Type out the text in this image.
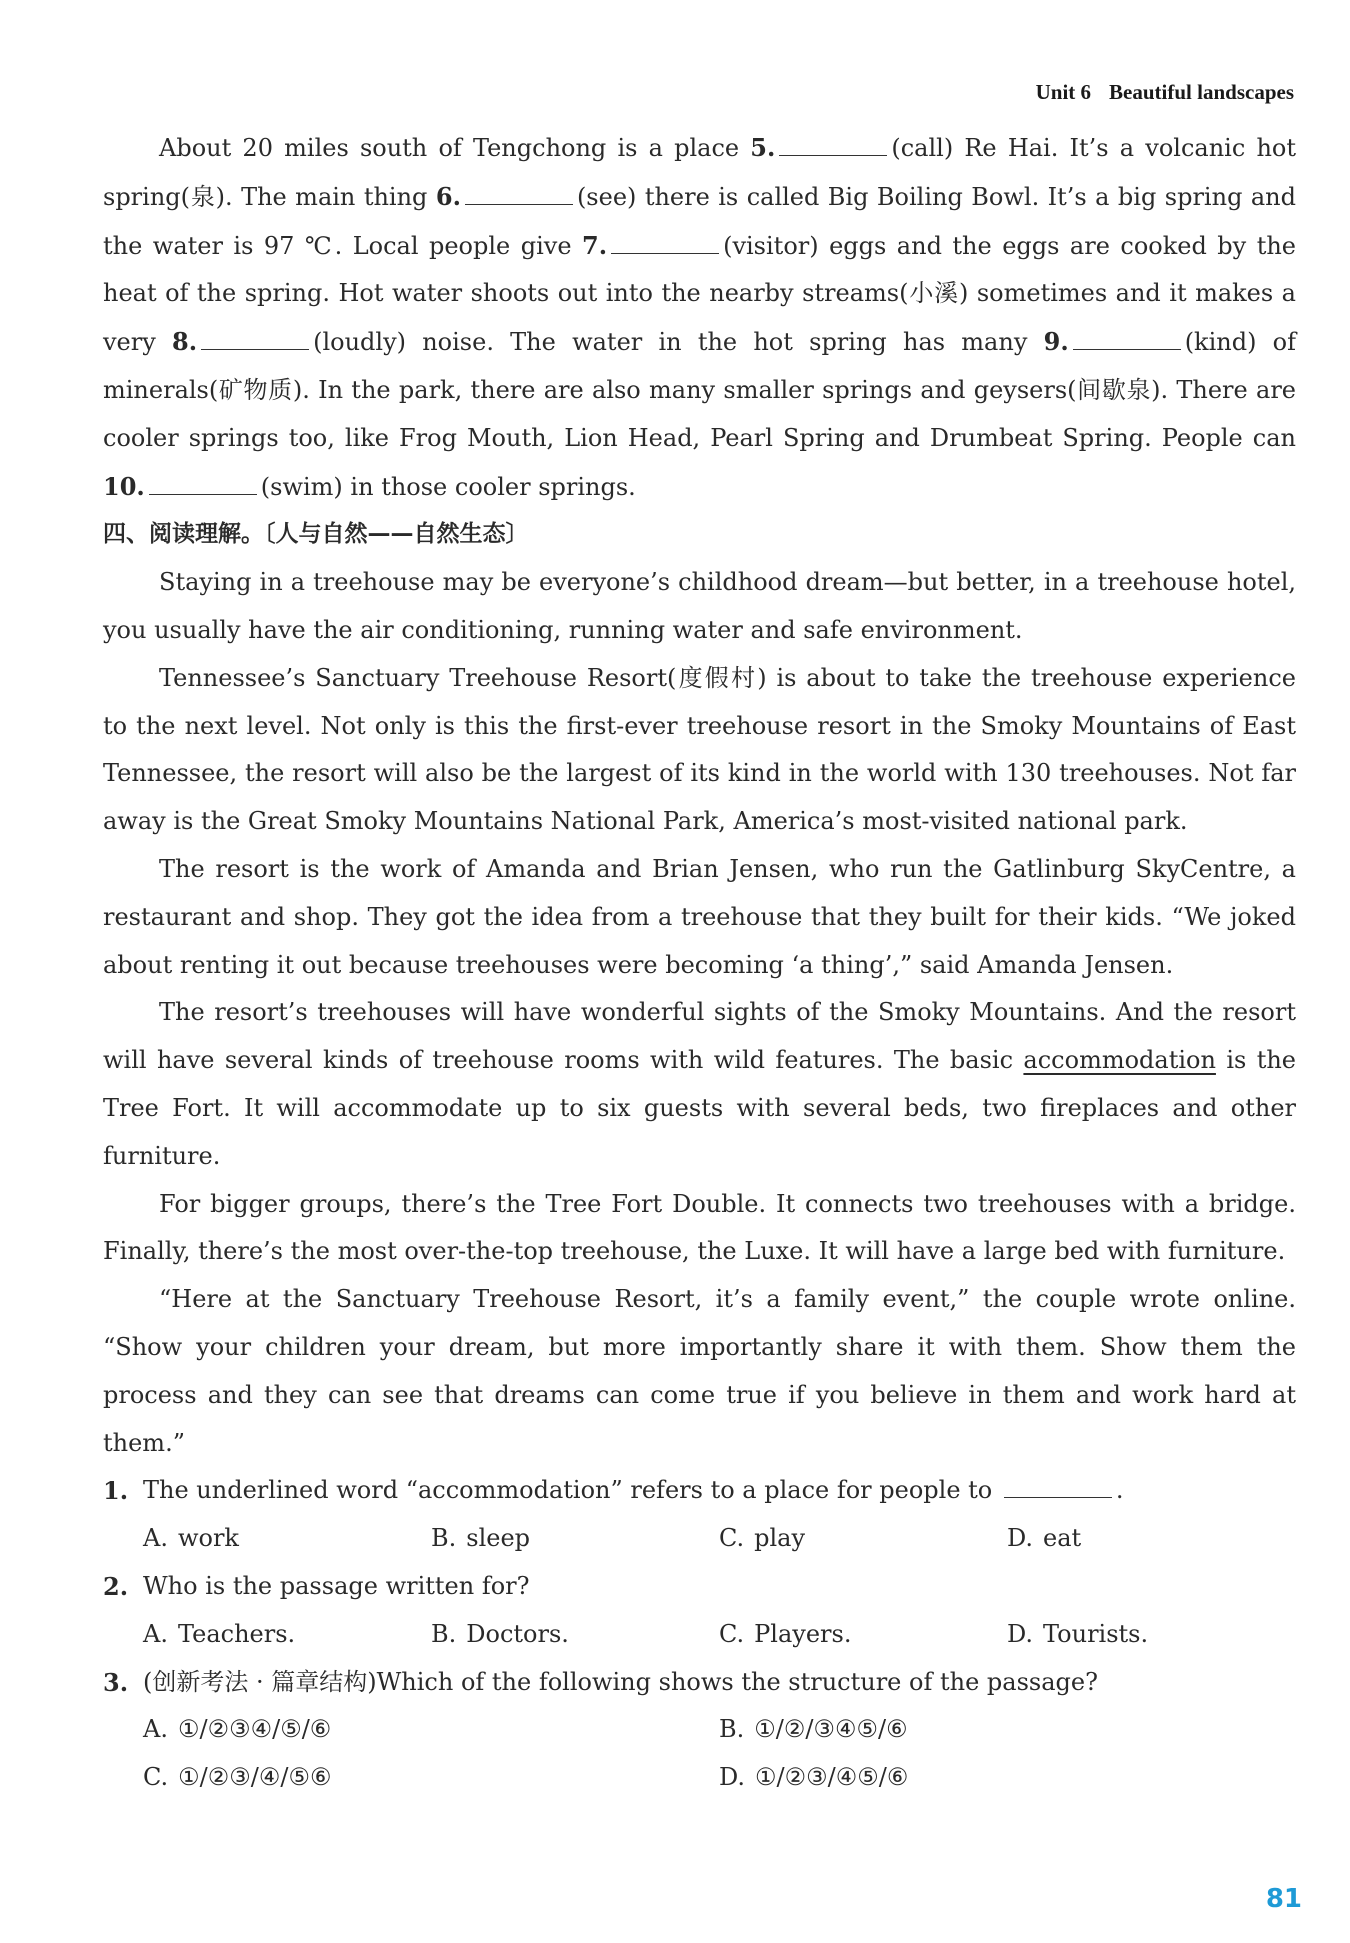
Unit 6 Beautiful landscapes

About 20 miles south of Tengchong is a place 5.	(call) Re Hai. It’s a volcanic hot spring(泉). The main thing 6.	(see) there is called Big Boiling Bowl. It’s a big spring and the water is 97 ℃. Local people give 7.	(visitor) eggs and the eggs are cooked by the heat of the spring. Hot water shoots out into the nearby streams(小溪) sometimes and it makes a very 8.	(loudly) noise. The water in the hot spring has many 9.	(kind) of minerals(矿物质). In the park, there are also many smaller springs and geysers(间歇泉). There are cooler springs too, like Frog Mouth, Lion Head, Pearl Spring and Drumbeat Spring. People can 10.	(swim) in those cooler springs.

四、阅读理解。〔人与自然——自然生态〕

Staying in a treehouse may be everyone’s childhood dream—but better, in a treehouse hotel, you usually have the air conditioning, running water and safe environment.

Tennessee’s Sanctuary Treehouse Resort(度假村) is about to take the treehouse experience to the next level. Not only is this the first-ever treehouse resort in the Smoky Mountains of East Tennessee, the resort will also be the largest of its kind in the world with 130 treehouses. Not far away is the Great Smoky Mountains National Park, America’s most-visited national park.

The resort is the work of Amanda and Brian Jensen, who run the Gatlinburg SkyCentre, a restaurant and shop. They got the idea from a treehouse that they built for their kids. “We joked about renting it out because treehouses were becoming ‘a thing’,” said Amanda Jensen.

The resort’s treehouses will have wonderful sights of the Smoky Mountains. And the resort will have several kinds of treehouse rooms with wild features. The basic accommodation is the Tree Fort. It will accommodate up to six guests with several beds, two fireplaces and other furniture.

For bigger groups, there’s the Tree Fort Double. It connects two treehouses with a bridge. Finally, there’s the most over-the-top treehouse, the Luxe. It will have a large bed with furniture.

“Here at the Sanctuary Treehouse Resort, it’s a family event,” the couple wrote online. “Show your children your dream, but more importantly share it with them. Show them the process and they can see that dreams can come true if you believe in them and work hard at them.”

1. The underlined word “accommodation” refers to a place for people to	.
A. work	B. sleep	C. play	D. eat
2. Who is the passage written for?
A. Teachers.	B. Doctors.	C. Players.	D. Tourists.
3. (创新考法 · 篇章结构)Which of the following shows the structure of the passage?
A. ①/②③④/⑤/⑥	B. ①/②/③④⑤/⑥
C. ①/②③/④/⑤⑥	D. ①/②③/④⑤/⑥
81
